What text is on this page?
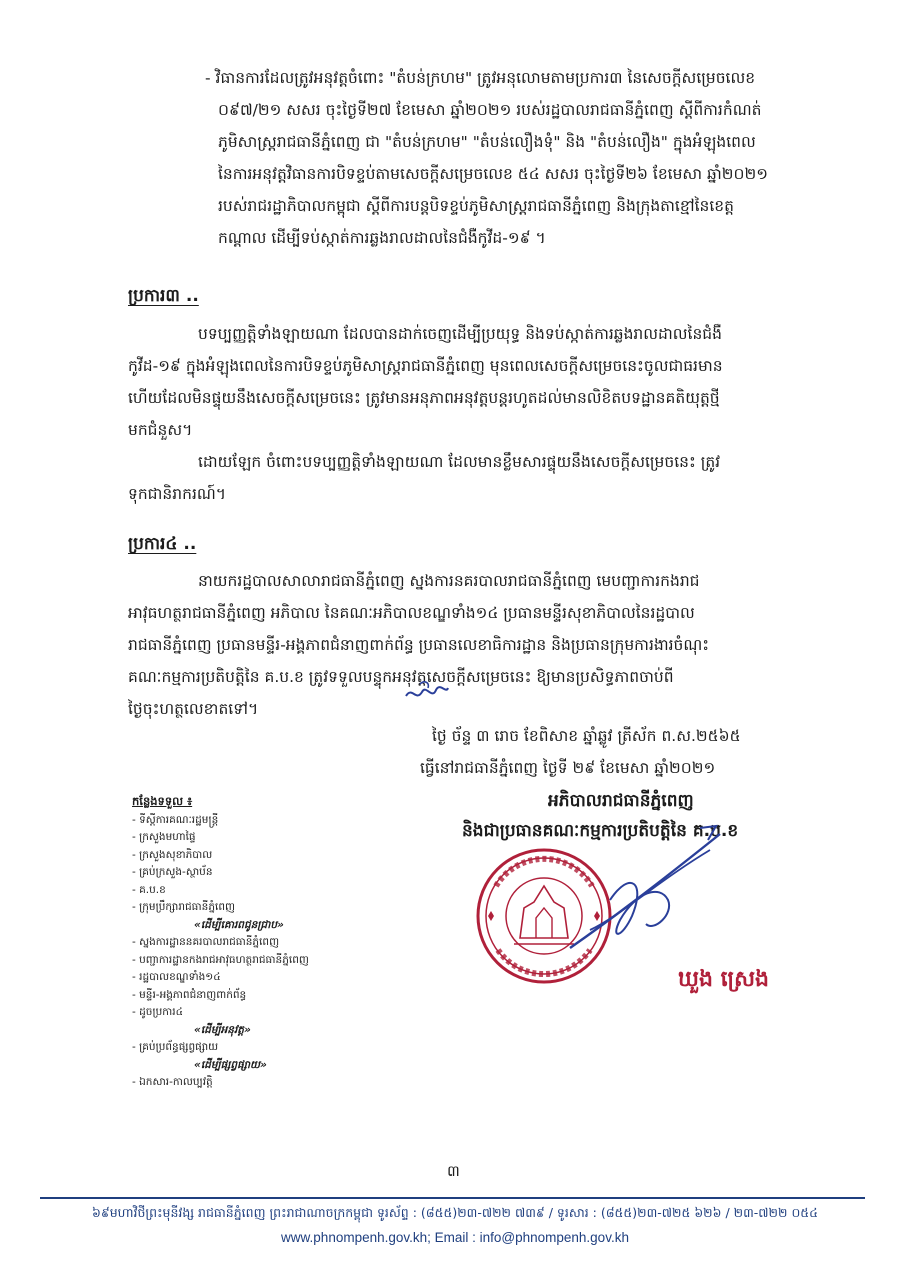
- វិធានការដែលត្រូវអនុវត្តចំពោះ "តំបន់ក្រហម" ត្រូវអនុលោមតាមប្រការ៣ នៃសេចក្ដីសម្រេចលេខ
០៩៧/២១ សសរ ចុះថ្ងៃទី២៧ ខែមេសា ឆ្នាំ២០២១ របស់រដ្ឋបាលរាជធានីភ្នំពេញ ស្ដីពីការកំណត់
ភូមិសាស្ត្ររាជធានីភ្នំពេញ ជា "តំបន់ក្រហម" "តំបន់លឿងទុំ" និង "តំបន់លឿង" ក្នុងអំឡុងពេល
នៃការអនុវត្តវិធានការបិទខ្ទប់តាមសេចក្ដីសម្រេចលេខ ៥៤ សសរ ចុះថ្ងៃទី២៦ ខែមេសា ឆ្នាំ២០២១
របស់រាជរដ្ឋាភិបាលកម្ពុជា ស្ដីពីការបន្តបិទខ្ទប់ភូមិសាស្ត្ររាជធានីភ្នំពេញ និងក្រុងតាខ្មៅនៃខេត្ត
កណ្ដាល ដើម្បីទប់ស្កាត់ការឆ្លងរាលដាលនៃជំងឺកូវីដ-១៩ ។
ប្រការ៣ ..
បទប្បញ្ញត្តិទាំងឡាយណា ដែលបានដាក់ចេញដើម្បីប្រយុទ្ធ និងទប់ស្កាត់ការឆ្លងរាលដាលនៃជំងឺ
កូវីដ-១៩ ក្នុងអំឡុងពេលនៃការបិទខ្ទប់ភូមិសាស្ត្ររាជធានីភ្នំពេញ មុនពេលសេចក្ដីសម្រេចនេះចូលជាធរមាន
ហើយដែលមិនផ្ទុយនឹងសេចក្ដីសម្រេចនេះ ត្រូវមានអនុភាពអនុវត្តបន្តរហូតដល់មានលិខិតបទដ្ឋានគតិយុត្តថ្មី
មកជំនួស។
ដោយឡែក ចំពោះបទប្បញ្ញត្តិទាំងឡាយណា ដែលមានខ្លឹមសារផ្ទុយនឹងសេចក្ដីសម្រេចនេះ ត្រូវ
ទុកជានិរាករណ៍។
ប្រការ៤ ..
នាយករដ្ឋបាលសាលារាជធានីភ្នំពេញ ស្នងការនគរបាលរាជធានីភ្នំពេញ មេបញ្ជាការកងរាជ
អាវុធហត្ថរាជធានីភ្នំពេញ អភិបាល នៃគណៈអភិបាលខណ្ឌទាំង១៤ ប្រធានមន្ទីរសុខាភិបាលនៃរដ្ឋបាល
រាជធានីភ្នំពេញ ប្រធានមន្ទីរ-អង្គភាពជំនាញពាក់ព័ន្ធ ប្រធានលេខាធិការដ្ឋាន និងប្រធានក្រុមការងារចំណុះ
គណៈកម្មការប្រតិបត្តិនៃ គ.ប.ខ ត្រូវទទួលបន្ទុកអនុវត្តសេចក្ដីសម្រេចនេះ ឱ្យមានប្រសិទ្ធភាពចាប់ពី
ថ្ងៃចុះហត្ថលេខាតទៅ។
ថ្ងៃ ច័ន្ទ ៣ រោច ខែពិសាខ ឆ្នាំឆ្លូវ ត្រីស័ក ព.ស.២៥៦៥
ធ្វើនៅរាជធានីភ្នំពេញ ថ្ងៃទី ២៩ ខែមេសា ឆ្នាំ២០២១
អភិបាលរាជធានីភ្នំពេញ
និងជាប្រធានគណៈកម្មការប្រតិបត្តិនៃ គ.ប.ខ
ឃួង ស្រេង
កន្លែងទទួល ៖
- ទីស្ដីការគណៈរដ្ឋមន្ត្រី
- ក្រសួងមហាផ្ទៃ
- ក្រសួងសុខាភិបាល
- គ្រប់ក្រសួង-ស្ថាប័ន
- គ.ប.ខ
- ក្រុមប្រឹក្សារាជធានីភ្នំពេញ
«ដើម្បីគោរពជូនជ្រាប»
- ស្នងការដ្ឋាននគរបាលរាជធានីភ្នំពេញ
- បញ្ជាការដ្ឋានកងរាជអាវុធហត្ថរាជធានីភ្នំពេញ
- រដ្ឋបាលខណ្ឌទាំង១៤
- មន្ទីរ-អង្គភាពជំនាញពាក់ព័ន្ធ
- ដូចប្រការ៤
«ដើម្បីអនុវត្ត»
- គ្រប់ប្រព័ន្ធផ្សព្វផ្សាយ
«ដើម្បីផ្សព្វផ្សាយ»
- ឯកសារ-កាលប្បវត្តិ
៣
៦៩មហាវិថីព្រះមុនីវង្ស រាជធានីភ្នំពេញ ព្រះរាជាណាចក្រកម្ពុជា ទូរស័ព្ទ : (៨៥៥)២៣-៧២២ ៧៣៩ / ទូរសារ : (៨៥៥)២៣-៧២៥ ៦២៦ / ២៣-៧២២ ០៥៤
www.phnompenh.gov.kh; Email : info@phnompenh.gov.kh
